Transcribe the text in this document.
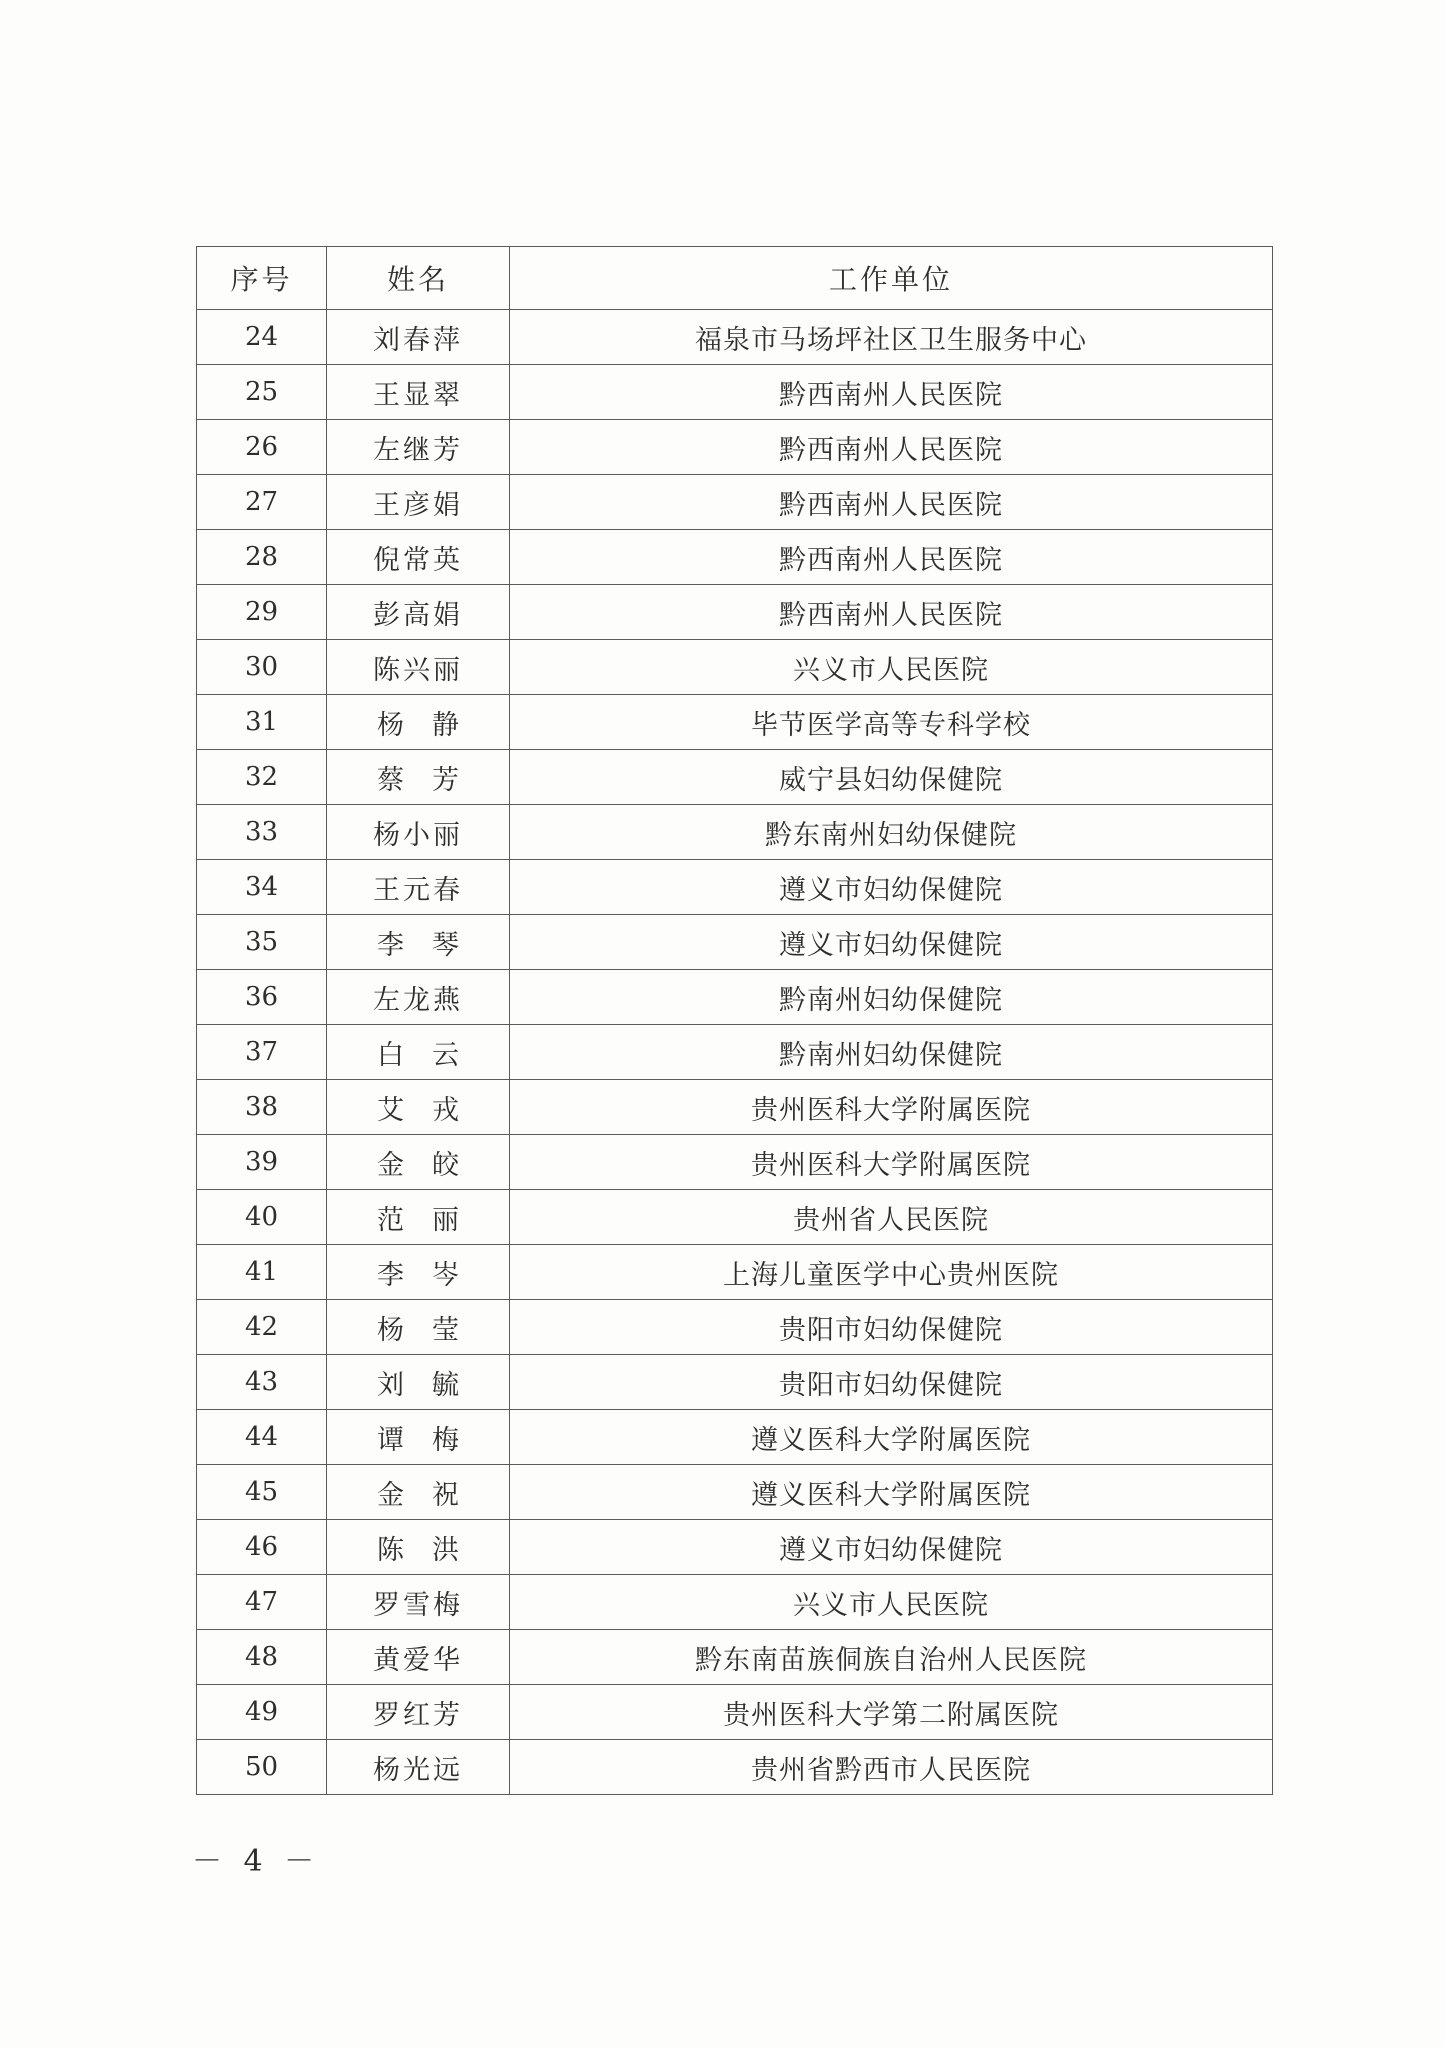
序号	姓名	工作单位
24	刘春萍	福泉市马场坪社区卫生服务中心
25	王显翠	黔西南州人民医院
26	左继芳	黔西南州人民医院
27	王彦娟	黔西南州人民医院
28	倪常英	黔西南州人民医院
29	彭高娟	黔西南州人民医院
30	陈兴丽	兴义市人民医院
31	杨静	毕节医学高等专科学校
32	蔡芳	威宁县妇幼保健院
33	杨小丽	黔东南州妇幼保健院
34	王元春	遵义市妇幼保健院
35	李琴	遵义市妇幼保健院
36	左龙燕	黔南州妇幼保健院
37	白云	黔南州妇幼保健院
38	艾戎	贵州医科大学附属医院
39	金皎	贵州医科大学附属医院
40	范丽	贵州省人民医院
41	李岑	上海儿童医学中心贵州医院
42	杨莹	贵阳市妇幼保健院
43	刘毓	贵阳市妇幼保健院
44	谭梅	遵义医科大学附属医院
45	金祝	遵义医科大学附属医院
46	陈洪	遵义市妇幼保健院
47	罗雪梅	兴义市人民医院
48	黄爱华	黔东南苗族侗族自治州人民医院
49	罗红芳	贵州医科大学第二附属医院
50	杨光远	贵州省黔西市人民医院
－ 4 －
